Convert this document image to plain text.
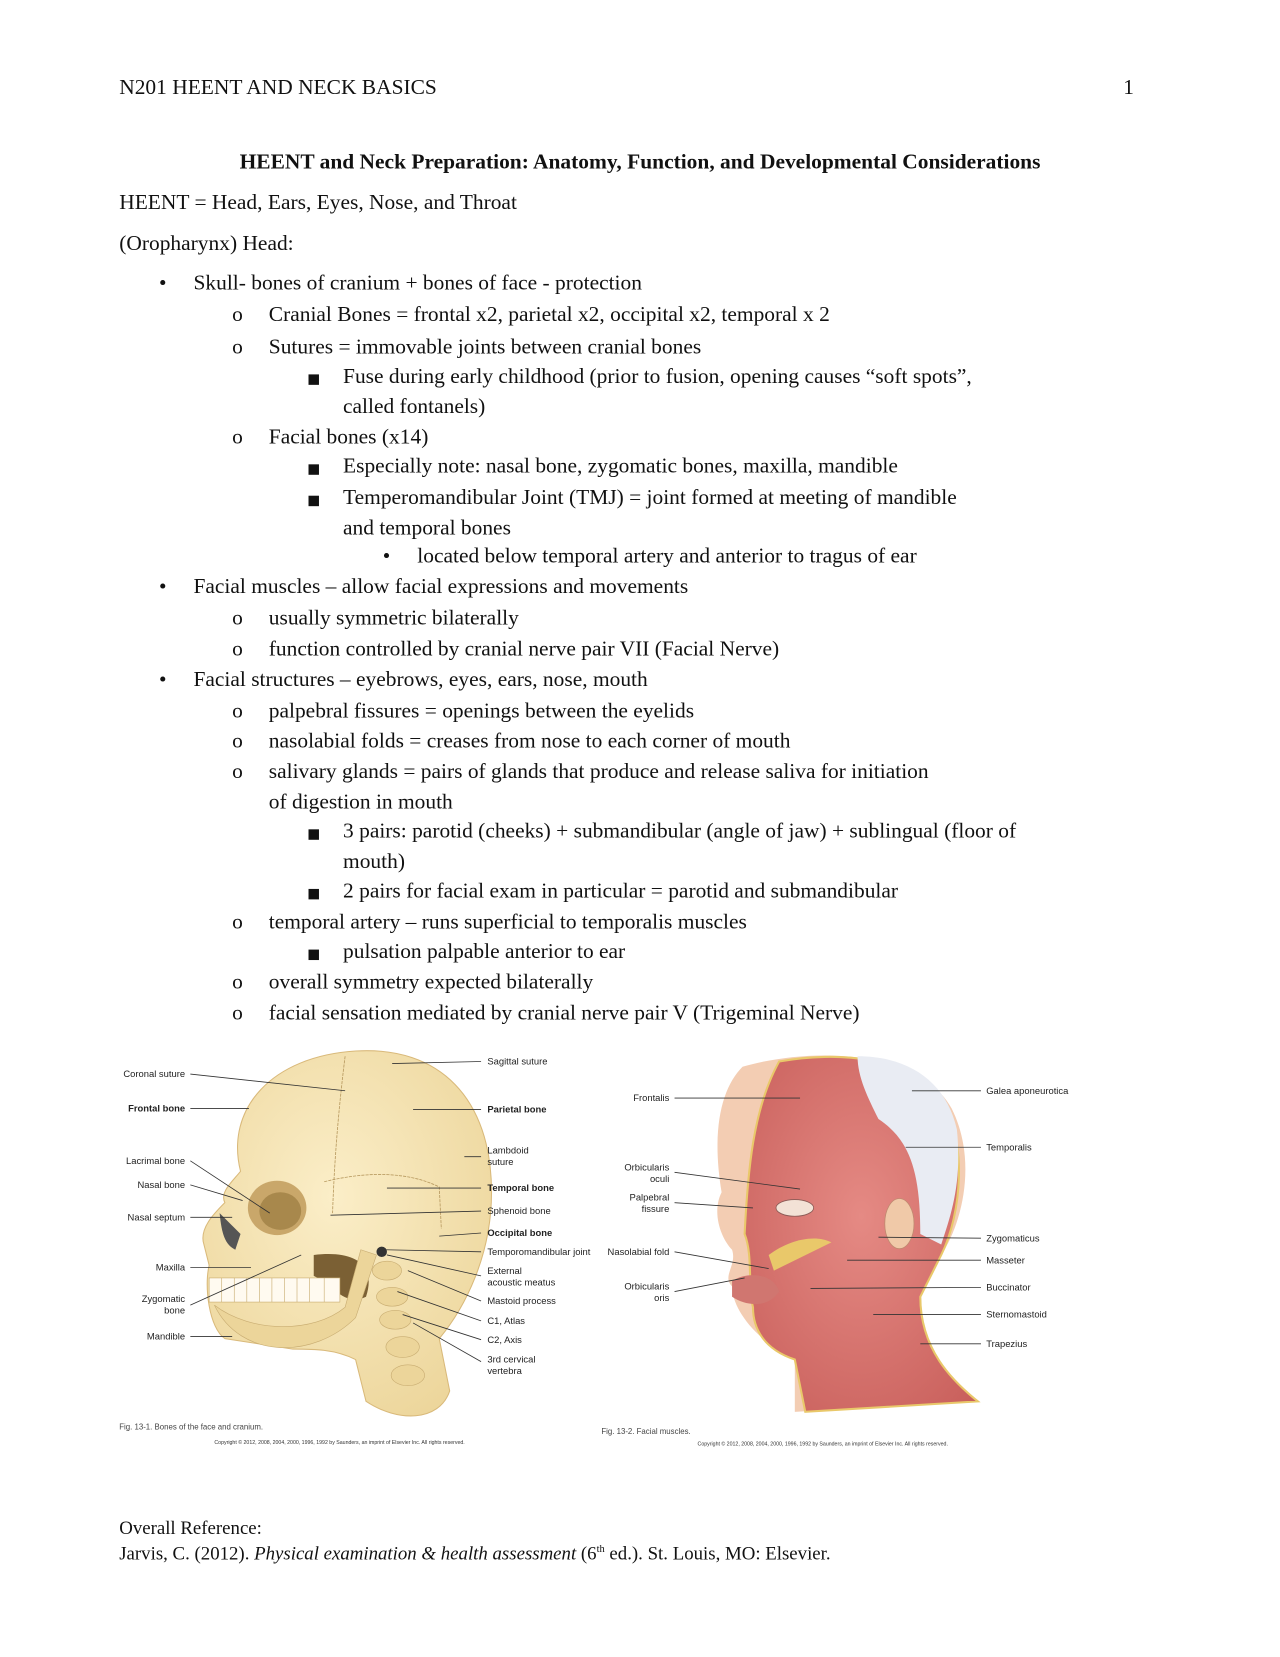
N201 HEENT AND NECK BASICS	1
HEENT and Neck Preparation: Anatomy, Function, and Developmental Considerations
HEENT = Head, Ears, Eyes, Nose, and Throat
(Oropharynx) Head:
• Skull- bones of cranium + bones of face - protection
o Cranial Bones = frontal x2, parietal x2, occipital x2, temporal x 2
o Sutures = immovable joints between cranial bones
Fuse during early childhood (prior to fusion, opening causes “soft spots”,
called fontanels)
o Facial bones (x14)
Especially note: nasal bone, zygomatic bones, maxilla, mandible
Temperomandibular Joint (TMJ) = joint formed at meeting of mandible
and temporal bones
• located below temporal artery and anterior to tragus of ear
• Facial muscles – allow facial expressions and movements
o usually symmetric bilaterally
o function controlled by cranial nerve pair VII (Facial Nerve)
• Facial structures – eyebrows, eyes, ears, nose, mouth
o palpebral fissures = openings between the eyelids
o nasolabial folds = creases from nose to each corner of mouth
o salivary glands = pairs of glands that produce and release saliva for initiation
of digestion in mouth
3 pairs: parotid (cheeks) + submandibular (angle of jaw) + sublingual (floor of
mouth)
2 pairs for facial exam in particular = parotid and submandibular
o temporal artery – runs superficial to temporalis muscles
pulsation palpable anterior to ear
o overall symmetry expected bilaterally
o facial sensation mediated by cranial nerve pair V (Trigeminal Nerve)
Coronal suture
Frontal bone
Lacrimal bone
Nasal bone
Nasal septum
Maxilla
Zygomatic
bone
Mandible
Sagittal suture
Parietal bone
Lambdoid
suture
Temporal bone
Sphenoid bone
Occipital bone
Temporomandibular joint
External
acoustic meatus
Mastoid process
C1, Atlas
C2, Axis
3rd cervical
vertebra
Fig. 13-1. Bones of the face and cranium.
Copyright © 2012, 2008, 2004, 2000, 1996, 1992 by Saunders, an imprint of Elsevier Inc. All rights reserved.
Frontalis
Orbicularis
oculi
Palpebral
fissure
Nasolabial fold
Orbicularis
oris
Galea aponeurotica
Temporalis
Zygomaticus
Masseter
Buccinator
Sternomastoid
Trapezius
Fig. 13-2. Facial muscles.
Copyright © 2012, 2008, 2004, 2000, 1996, 1992 by Saunders, an imprint of Elsevier Inc. All rights reserved.
Overall Reference:
Jarvis, C. (2012). Physical examination & health assessment (6th ed.). St. Louis, MO: Elsevier.
